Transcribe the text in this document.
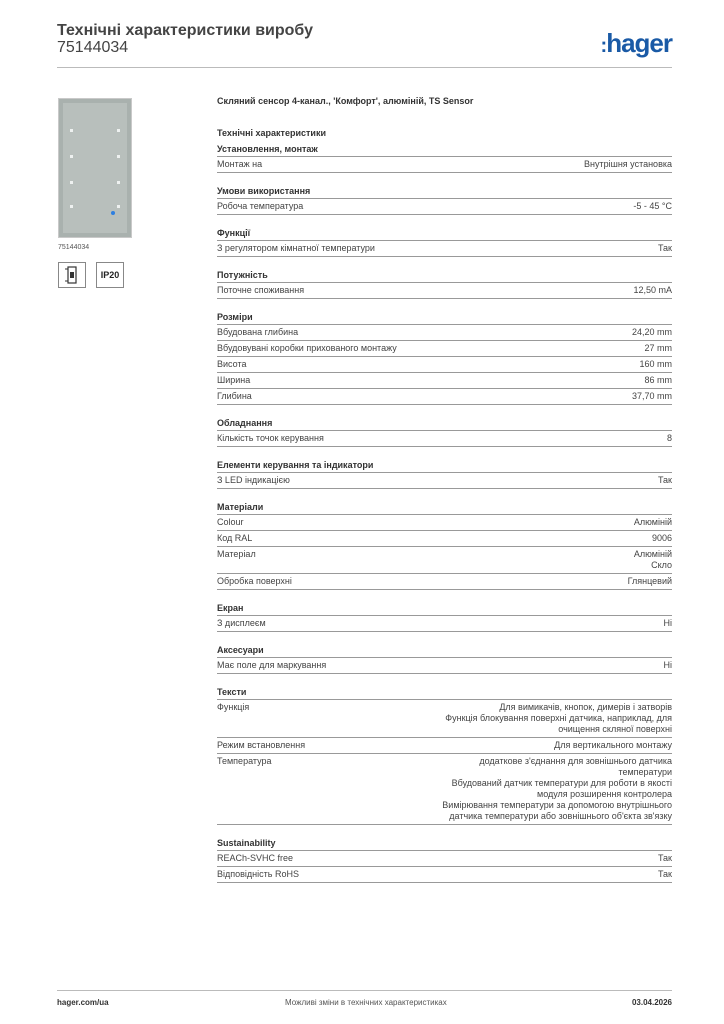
Технічні характеристики виробу
75144034	:hager
75144034
IP20
Скляний сенсор 4-канал., 'Комфорт', алюміній, TS Sensor
Технічні характеристики
Установлення, монтаж
Монтаж на	Внутрішня установка
Умови використання
Робоча температура	-5 - 45 °C
Функції
З регулятором кімнатної температури	Так
Потужність
Поточне споживання	12,50 mA
Розміри
Вбудована глибина	24,20 mm
Вбудовувані коробки прихованого монтажу	27 mm
Висота	160 mm
Ширина	86 mm
Глибина	37,70 mm
Обладнання
Кількість точок керування	8
Елементи керування та індикатори
З LED індикацією	Так
Матеріали
Colour	Алюміній
Код RAL	9006
Матеріал	Алюміній
Скло
Обробка поверхні	Глянцевий
Екран
З дисплеєм	Ні
Аксесуари
Має поле для маркування	Ні
Тексти
Функція	Для вимикачів, кнопок, димерів і затворів
Функція блокування поверхні датчика, наприклад, для
очищення скляної поверхні
Режим встановлення	Для вертикального монтажу
Температура	додаткове з'єднання для зовнішнього датчика
температури
Вбудований датчик температури для роботи в якості
модуля розширення контролера
Вимірювання температури за допомогою внутрішнього
датчика температури або зовнішнього об'єкта зв'язку
Sustainability
REACh-SVHC free	Так
Відповідність RoHS	Так
hager.com/ua	Можливі зміни в технічних характеристиках	03.04.2026
